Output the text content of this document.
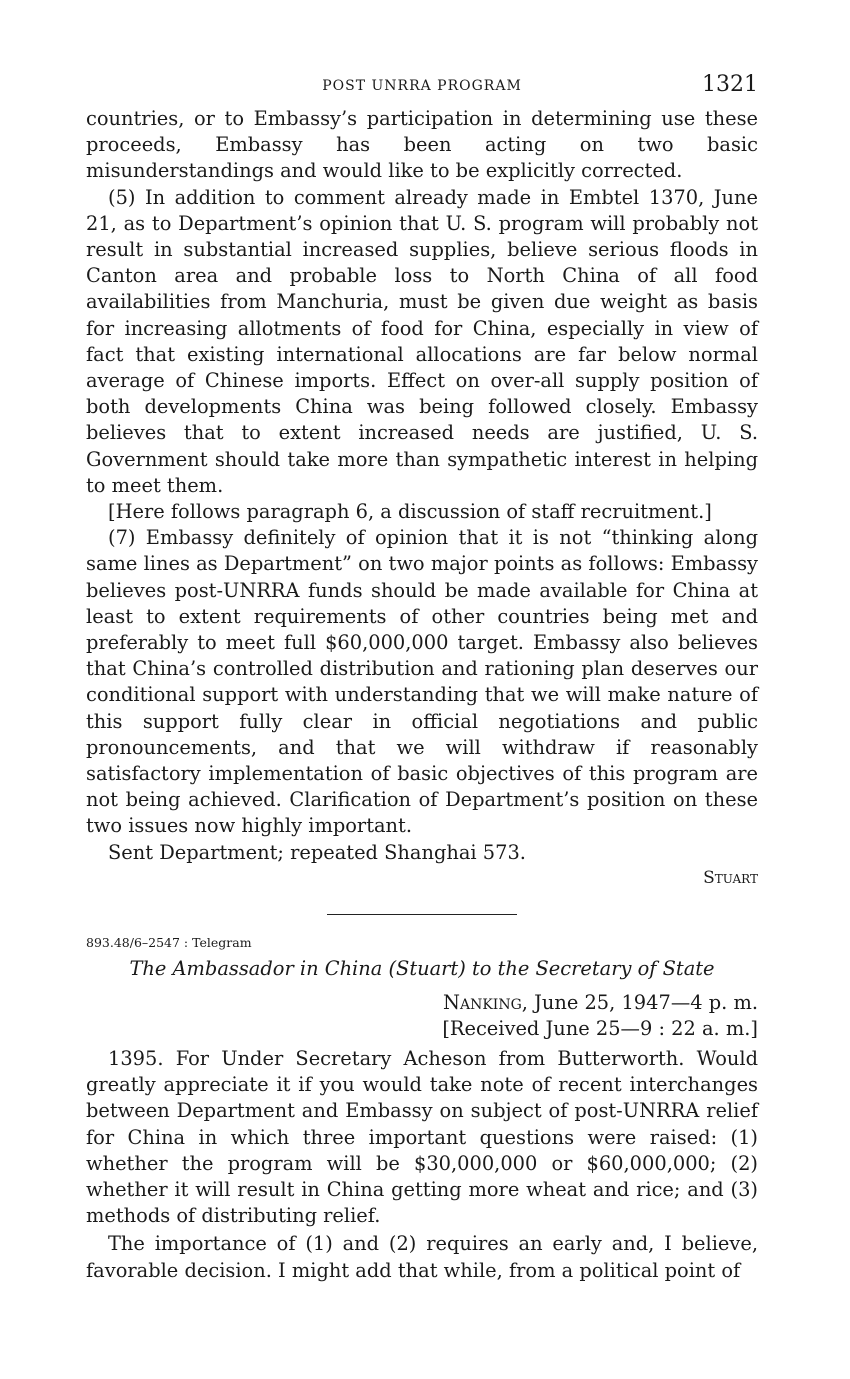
POST UNRRA PROGRAM	1321

countries, or to Embassy’s participation in determining use these proceeds, Embassy has been acting on two basic misunderstandings and would like to be explicitly corrected.

(5) In addition to comment already made in Embtel 1370, June 21, as to Department’s opinion that U. S. program will probably not result in substantial increased supplies, believe serious floods in Canton area and probable loss to North China of all food availabilities from Manchuria, must be given due weight as basis for increasing allotments of food for China, especially in view of fact that existing international allocations are far below normal average of Chinese imports. Effect on over-all supply position of both developments China was being followed closely. Embassy believes that to extent increased needs are justified, U. S. Government should take more than sympathetic interest in helping to meet them.

[Here follows paragraph 6, a discussion of staff recruitment.]

(7) Embassy definitely of opinion that it is not “thinking along same lines as Department” on two major points as follows: Embassy believes post-UNRRA funds should be made available for China at least to extent requirements of other countries being met and preferably to meet full $60,000,000 target. Embassy also believes that China’s controlled distribution and rationing plan deserves our conditional support with understanding that we will make nature of this support fully clear in official negotiations and public pronouncements, and that we will withdraw if reasonably satisfactory implementation of basic objectives of this program are not being achieved. Clarification of Department’s position on these two issues now highly important.

Sent Department; repeated Shanghai 573.

Stuart
893.48/6–2547 : Telegram
The Ambassador in China (Stuart) to the Secretary of State
Nanking, June 25, 1947—4 p. m.
[Received June 25—9 : 22 a. m.]

1395. For Under Secretary Acheson from Butterworth. Would greatly appreciate it if you would take note of recent interchanges between Department and Embassy on subject of post-UNRRA relief for China in which three important questions were raised: (1) whether the program will be $30,000,000 or $60,000,000; (2) whether it will result in China getting more wheat and rice; and (3) methods of distributing relief.

The importance of (1) and (2) requires an early and, I believe, favorable decision. I might add that while, from a political point of
